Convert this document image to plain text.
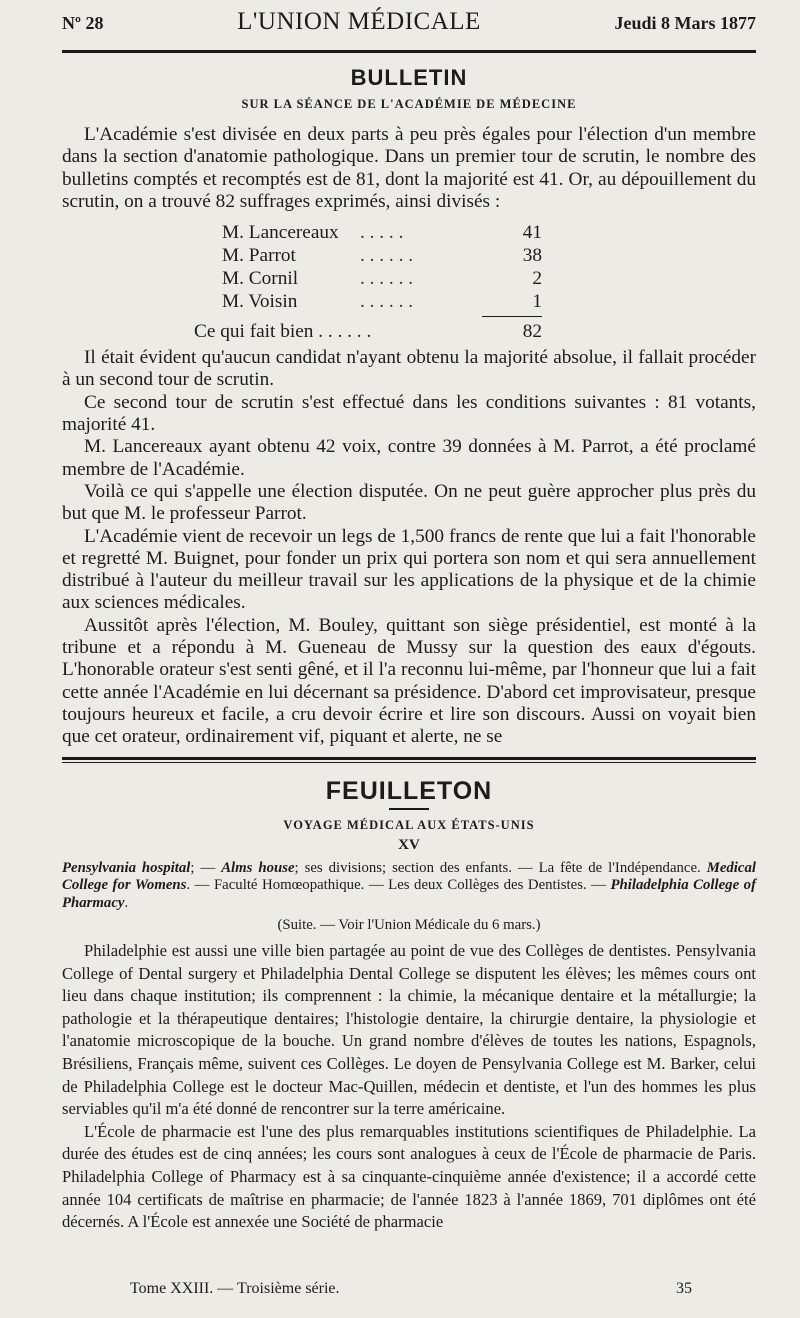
Nº 28	L'UNION MÉDICALE	Jeudi 8 Mars 1877
BULLETIN
SUR LA SÉANCE DE L'ACADÉMIE DE MÉDECINE

L'Académie s'est divisée en deux parts à peu près égales pour l'élection d'un membre dans la section d'anatomie pathologique. Dans un premier tour de scrutin, le nombre des bulletins comptés et recomptés est de 81, dont la majorité est 41. Or, au dépouillement du scrutin, on a trouvé 82 suffrages exprimés, ainsi divisés :

M. Lancereaux	. . . . .	41
M. Parrot	. . . . . .	38
M. Cornil	. . . . . .	2
M. Voisin	. . . . . .	1
Ce qui fait bien . . . . . .	82

Il était évident qu'aucun candidat n'ayant obtenu la majorité absolue, il fallait procéder à un second tour de scrutin.

Ce second tour de scrutin s'est effectué dans les conditions suivantes : 81 votants, majorité 41.

M. Lancereaux ayant obtenu 42 voix, contre 39 données à M. Parrot, a été proclamé membre de l'Académie.

Voilà ce qui s'appelle une élection disputée. On ne peut guère approcher plus près du but que M. le professeur Parrot.

L'Académie vient de recevoir un legs de 1,500 francs de rente que lui a fait l'honorable et regretté M. Buignet, pour fonder un prix qui portera son nom et qui sera annuellement distribué à l'auteur du meilleur travail sur les applications de la physique et de la chimie aux sciences médicales.

Aussitôt après l'élection, M. Bouley, quittant son siège présidentiel, est monté à la tribune et a répondu à M. Gueneau de Mussy sur la question des eaux d'égouts. L'honorable orateur s'est senti gêné, et il l'a reconnu lui-même, par l'honneur que lui a fait cette année l'Académie en lui décernant sa présidence. D'abord cet improvisateur, presque toujours heureux et facile, a cru devoir écrire et lire son discours. Aussi on voyait bien que cet orateur, ordinairement vif, piquant et alerte, ne se

FEUILLETON
VOYAGE MÉDICAL AUX ÉTATS-UNIS
XV

Pensylvania hospital; — Alms house; ses divisions; section des enfants. — La fête de l'Indépendance. Medical College for Womens. — Faculté Homœopathique. — Les deux Collèges des Dentistes. — Philadelphia College of Pharmacy.

(Suite. — Voir l'Union Médicale du 6 mars.)

Philadelphie est aussi une ville bien partagée au point de vue des Collèges de dentistes. Pensylvania College of Dental surgery et Philadelphia Dental College se disputent les élèves; les mêmes cours ont lieu dans chaque institution; ils comprennent : la chimie, la mécanique dentaire et la métallurgie; la pathologie et la thérapeutique dentaires; l'histologie dentaire, la chirurgie dentaire, la physiologie et l'anatomie microscopique de la bouche. Un grand nombre d'élèves de toutes les nations, Espagnols, Brésiliens, Français même, suivent ces Collèges. Le doyen de Pensylvania College est M. Barker, celui de Philadelphia College est le docteur Mac-Quillen, médecin et dentiste, et l'un des hommes les plus serviables qu'il m'a été donné de rencontrer sur la terre américaine.

L'École de pharmacie est l'une des plus remarquables institutions scientifiques de Philadelphie. La durée des études est de cinq années; les cours sont analogues à ceux de l'École de pharmacie de Paris. Philadelphia College of Pharmacy est à sa cinquante-cinquième année d'existence; il a accordé cette année 104 certificats de maîtrise en pharmacie; de l'année 1823 à l'année 1869, 701 diplômes ont été décernés. A l'École est annexée une Société de pharmacie

Tome XXIII. — Troisième série.	35
